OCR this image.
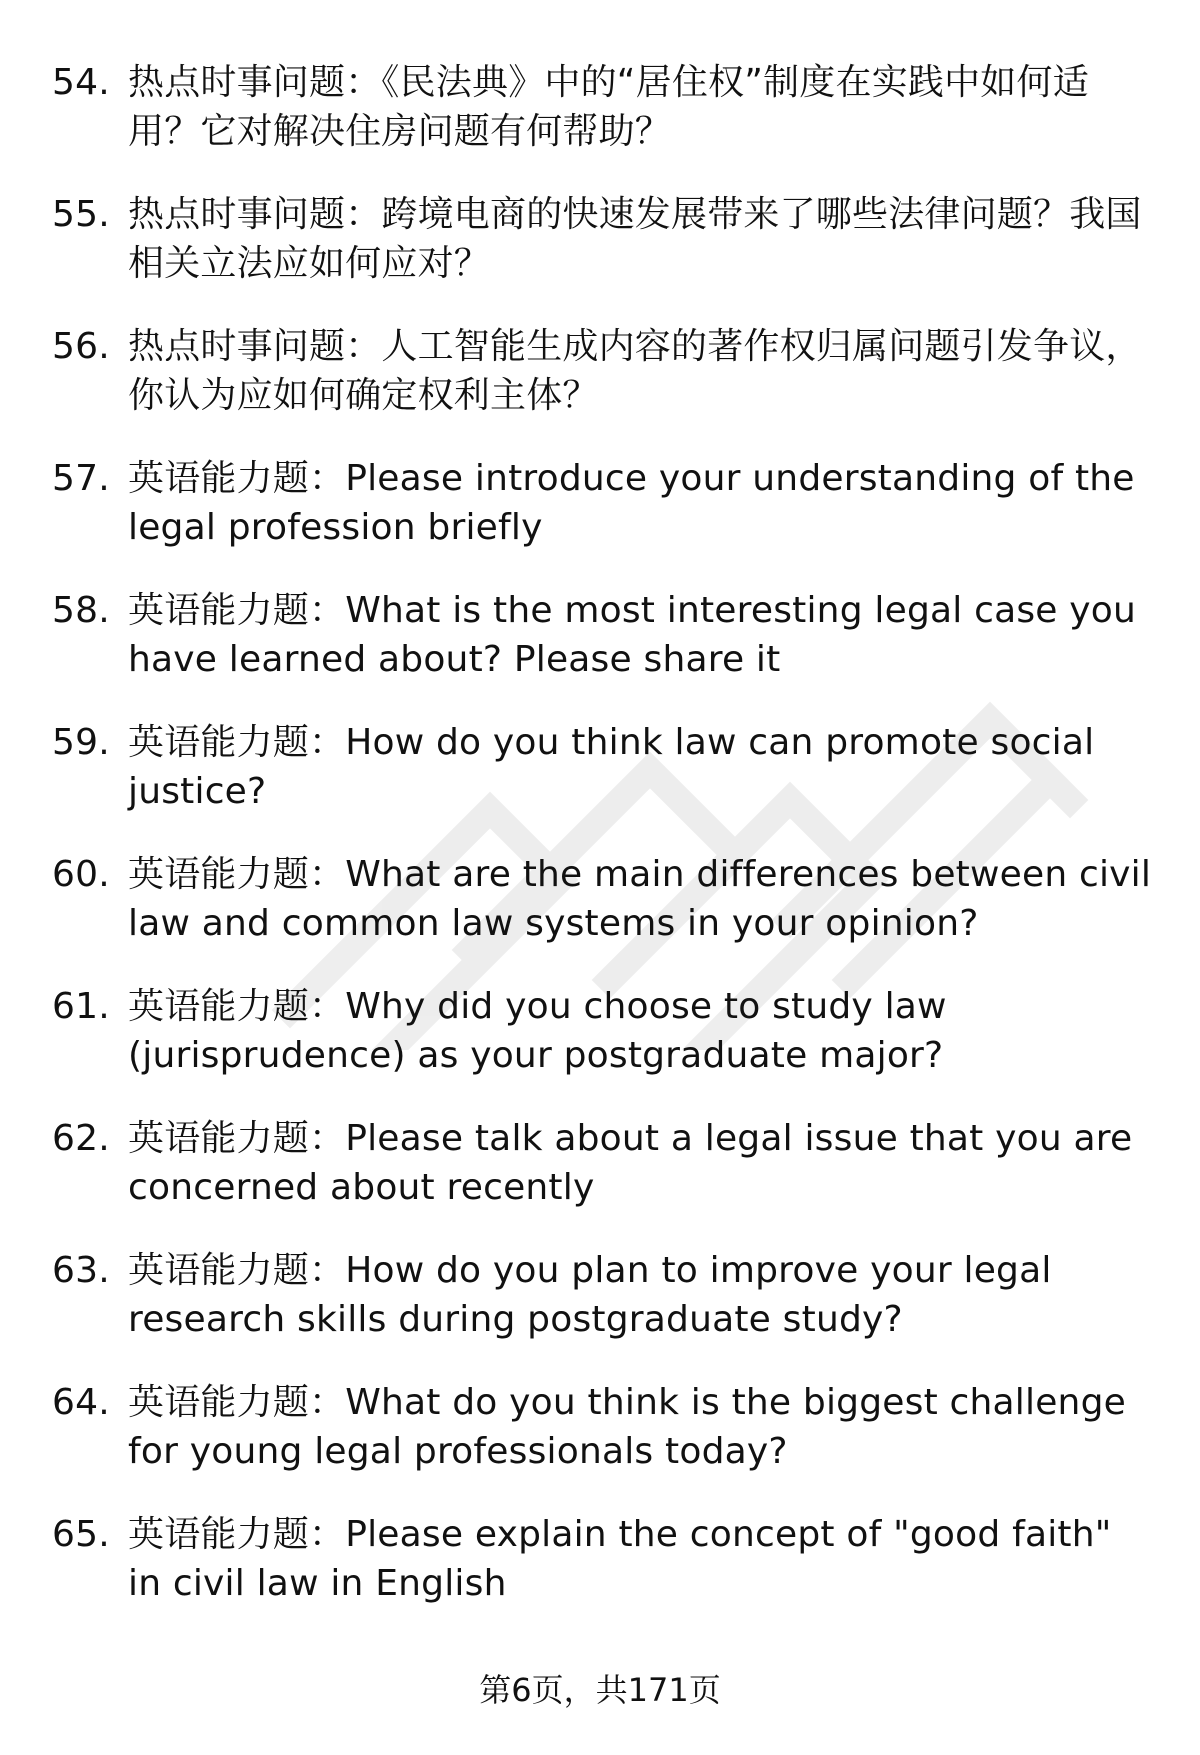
54. 热点时事问题：《民法典》中的“居住权”制度在实践中如何适用？它对解决住房问题有何帮助？
55. 热点时事问题：跨境电商的快速发展带来了哪些法律问题？我国相关立法应如何应对？
56. 热点时事问题：人工智能生成内容的著作权归属问题引发争议，你认为应如何确定权利主体？
57. 英语能力题：Please introduce your understanding of the legal profession briefly
58. 英语能力题：What is the most interesting legal case you have learned about? Please share it
59. 英语能力题：How do you think law can promote social justice?
60. 英语能力题：What are the main differences between civil law and common law systems in your opinion?
61. 英语能力题：Why did you choose to study law (jurisprudence) as your postgraduate major?
62. 英语能力题：Please talk about a legal issue that you are concerned about recently
63. 英语能力题：How do you plan to improve your legal research skills during postgraduate study?
64. 英语能力题：What do you think is the biggest challenge for young legal professionals today?
65. 英语能力题：Please explain the concept of "good faith" in civil law in English
第6页，共171页
